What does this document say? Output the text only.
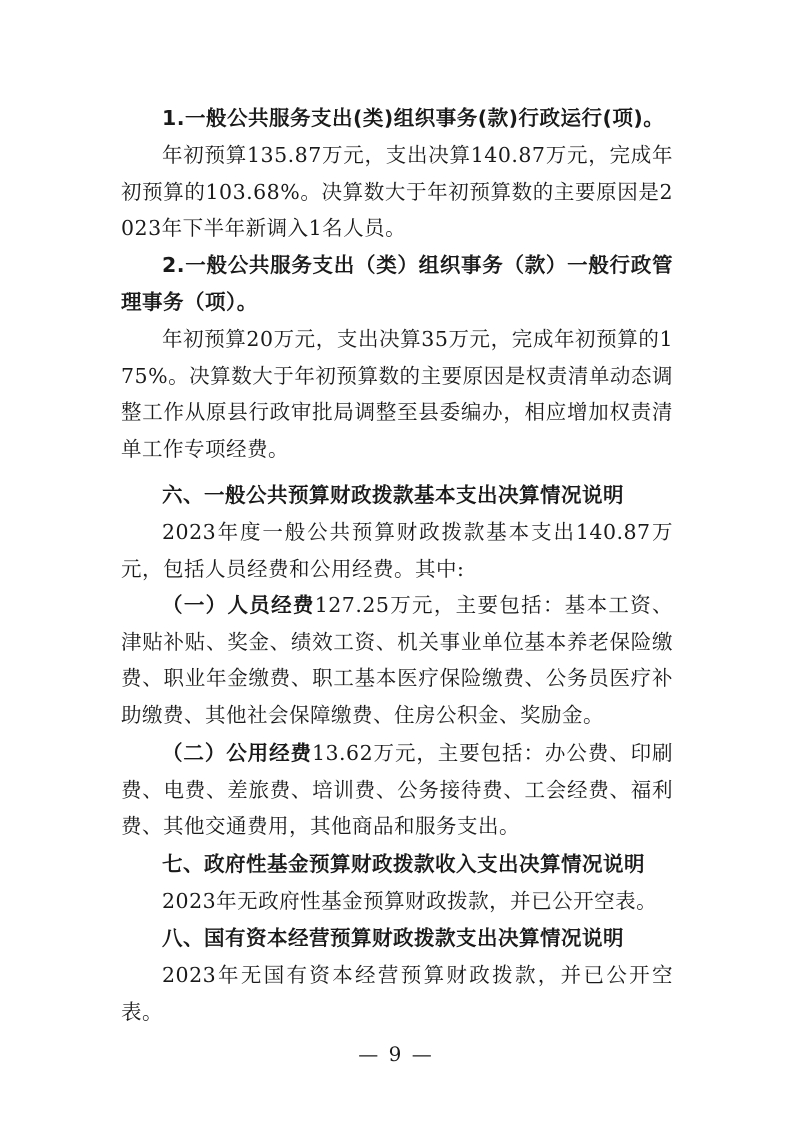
1.一般公共服务支出(类)组织事务(款)行政运行(项)。
年初预算135.87万元，支出决算140.87万元，完成年初预算的103.68%。决算数大于年初预算数的主要原因是2023年下半年新调入1名人员。
2.一般公共服务支出（类）组织事务（款）一般行政管理事务（项）。
年初预算20万元，支出决算35万元，完成年初预算的175%。决算数大于年初预算数的主要原因是权责清单动态调整工作从原县行政审批局调整至县委编办，相应增加权责清单工作专项经费。
六、一般公共预算财政拨款基本支出决算情况说明
2023年度一般公共预算财政拨款基本支出140.87万元，包括人员经费和公用经费。其中:
（一）人员经费127.25万元，主要包括：基本工资、津贴补贴、奖金、绩效工资、机关事业单位基本养老保险缴费、职业年金缴费、职工基本医疗保险缴费、公务员医疗补助缴费、其他社会保障缴费、住房公积金、奖励金。
（二）公用经费13.62万元，主要包括：办公费、印刷费、电费、差旅费、培训费、公务接待费、工会经费、福利费、其他交通费用，其他商品和服务支出。
七、政府性基金预算财政拨款收入支出决算情况说明
2023年无政府性基金预算财政拨款，并已公开空表。
八、国有资本经营预算财政拨款支出决算情况说明
2023年无国有资本经营预算财政拨款，并已公开空表。
— 9 —
